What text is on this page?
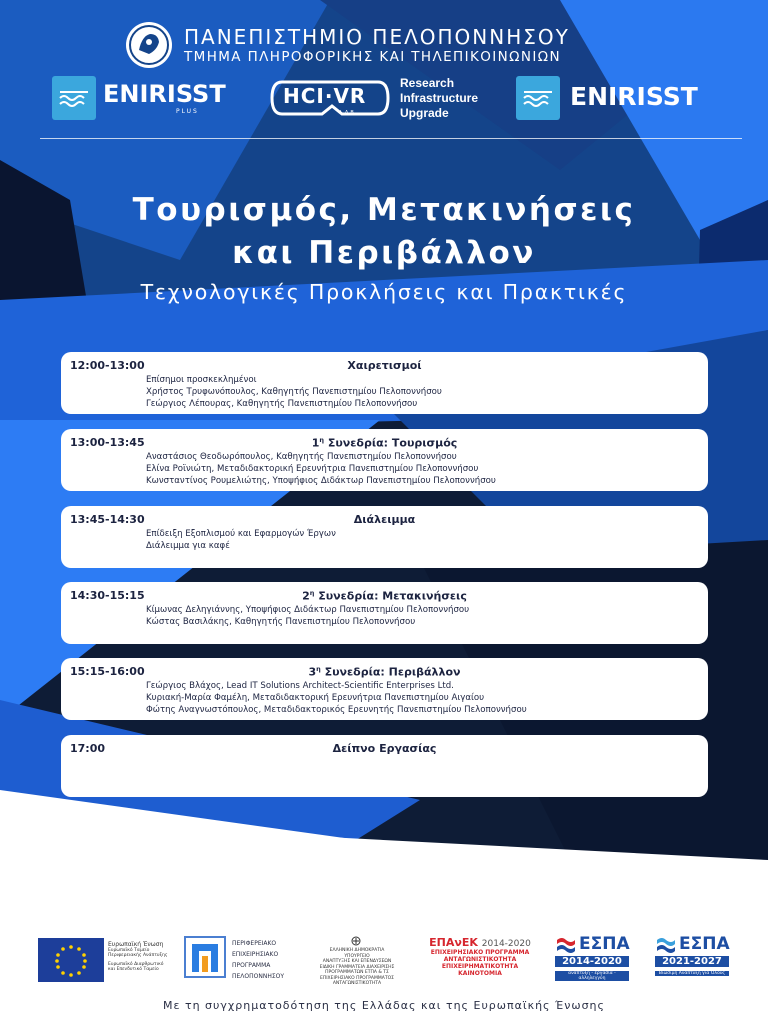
ΠΑΝΕΠΙΣΤΗΜΙΟ ΠΕΛΟΠΟΝΝΗΣΟΥ
ΤΜΗΜΑ ΠΛΗΡΟΦΟΡΙΚΗΣ ΚΑΙ ΤΗΛΕΠΙΚΟΙΝΩΝΙΩΝ
ENIRISST
PLUS
HCI·VR
LAB
Research
Infrastructure
Upgrade
ENIRISST
Τουρισμός, Μετακινήσεις
και Περιβάλλον
Τεχνολογικές Προκλήσεις και Πρακτικές
12:00-13:00	Χαιρετισμοί
Επίσημοι προσκεκλημένοι
Χρήστος Τρυφωνόπουλος, Καθηγητής Πανεπιστημίου Πελοποννήσου
Γεώργιος Λέπουρας, Καθηγητής Πανεπιστημίου Πελοποννήσου
13:00-13:45	$1^\eta$ Συνεδρία: Τουρισμός
Αναστάσιος Θεοδωρόπουλος, Καθηγητής Πανεπιστημίου Πελοποννήσου
Ελίνα Ροϊνιώτη, Μεταδιδακτορική Ερευνήτρια Πανεπιστημίου Πελοποννήσου
Κωνσταντίνος Ρουμελιώτης, Υποψήφιος Διδάκτωρ Πανεπιστημίου Πελοποννήσου
13:45-14:30	Διάλειμμα
Επίδειξη Εξοπλισμού και Εφαρμογών Έργων
Διάλειμμα για καφέ
14:30-15:15	$2^\eta$ Συνεδρία: Μετακινήσεις
Κίμωνας Δεληγιάννης, Υποψήφιος Διδάκτωρ Πανεπιστημίου Πελοποννήσου
Κώστας Βασιλάκης, Καθηγητής Πανεπιστημίου Πελοποννήσου
15:15-16:00	$3^\eta$ Συνεδρία: Περιβάλλον
Γεώργιος Βλάχος, Lead IT Solutions Architect-Scientific Enterprises Ltd.
Κυριακή-Μαρία Φαμέλη, Μεταδιδακτορική Ερευνήτρια Πανεπιστημίου Αιγαίου
Φώτης Αναγνωστόπουλος, Μεταδιδακτορικός Ερευνητής Πανεπιστημίου Πελοποννήσου
17:00	Δείπνο Εργασίας
Ευρωπαϊκή Ένωση
Ευρωπαϊκό Ταμείο
Περιφερειακής Ανάπτυξης
Ευρωπαϊκό Διαρθρωτικό
και Επενδυτικό Ταμείο
ΠΕΡΙΦΕΡΕΙΑΚΟ
ΕΠΙΧΕΙΡΗΣΙΑΚΟ
ΠΡΟΓΡΑΜΜΑ
ΠΕΛΟΠΟΝΝΗΣΟΥ
ΕΛΛΗΝΙΚΗ ΔΗΜΟΚΡΑΤΙΑ
ΥΠΟΥΡΓΕΙΟ
ΑΝΑΠΤΥΞΗΣ ΚΑΙ ΕΠΕΝΔΥΣΕΩΝ
ΕΙΔΙΚΗ ΓΡΑΜΜΑΤΕΙΑ ΔΙΑΧΕΙΡΙΣΗΣ
ΠΡΟΓΡΑΜΜΑΤΩΝ ΕΤΠΑ & ΤΣ
ΕΠΙΧΕΙΡΗΣΙΑΚΟ ΠΡΟΓΡΑΜΜΑΤΟΣ ΑΝΤΑΓΩΝΙΣΤΙΚΟΤΗΤΑ
ΕΠΑνΕΚ 2014-2020
ΕΠΙΧΕΙΡΗΣΙΑΚΟ ΠΡΟΓΡΑΜΜΑ
ΑΝΤΑΓΩΝΙΣΤΙΚΟΤΗΤΑ
ΕΠΙΧΕΙΡΗΜΑΤΙΚΟΤΗΤΑ
ΚΑΙΝΟΤΟΜΙΑ
ΕΣΠΑ
2014-2020
ανάπτυξη - εργασία - αλληλεγγύη
ΕΣΠΑ
2021-2027
Βιώσιμη Ανάπτυξη για Όλους
Με τη συγχρηματοδότηση της Ελλάδας και της Ευρωπαϊκής Ένωσης
